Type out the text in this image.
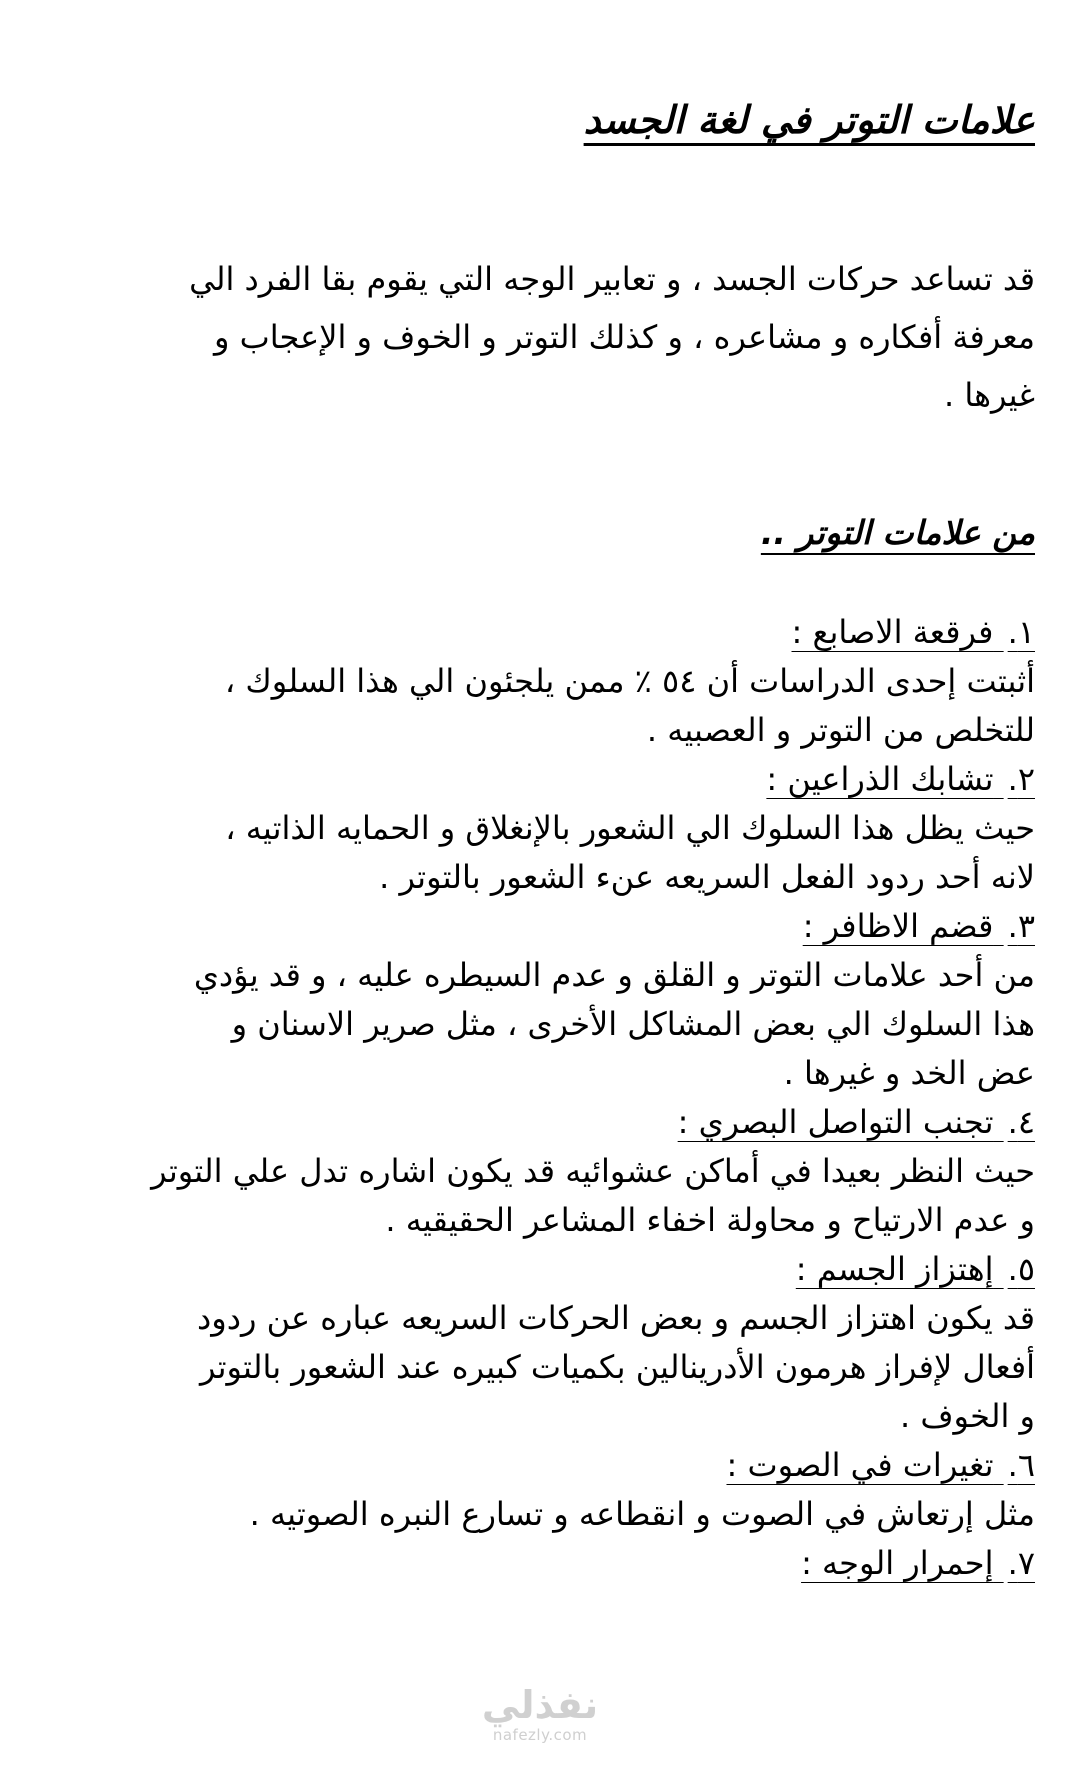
علامات التوتر في لغة الجسد

قد تساعد حركات الجسد ، و تعابير الوجه التي يقوم بقا الفرد الي

معرفة أفكاره و مشاعره ، و كذلك التوتر و الخوف و الإعجاب و

غيرها .

من علامات التوتر ..
١. فرقعة الاصابع :

أثبتت إحدى الدراسات أن ٥٤ ٪ ممن يلجئون الي هذا السلوك ،

للتخلص من التوتر و العصبيه .

٢. تشابك الذراعين :

حيث يظل هذا السلوك الي الشعور بالإنغلاق و الحمايه الذاتيه ،

لانه أحد ردود الفعل السريعه عنء الشعور بالتوتر .

٣. قضم الاظافر :

من أحد علامات التوتر و القلق و عدم السيطره عليه ، و قد يؤدي

هذا السلوك الي بعض المشاكل الأخرى ، مثل صرير الاسنان و

عض الخد و غيرها .

٤. تجنب التواصل البصري :

حيث النظر بعيدا في أماكن عشوائيه قد يكون اشاره تدل علي التوتر

و عدم الارتياح و محاولة اخفاء المشاعر الحقيقيه .

٥. إهتزاز الجسم :

قد يكون اهتزاز الجسم و بعض الحركات السريعه عباره عن ردود

أفعال لإفراز هرمون الأدرينالين بكميات كبيره عند الشعور بالتوتر

و الخوف .

٦. تغيرات في الصوت :

مثل إرتعاش في الصوت و انقطاعه و تسارع النبره الصوتيه .

٧. إحمرار الوجه :
نفذلي
nafezly.com
